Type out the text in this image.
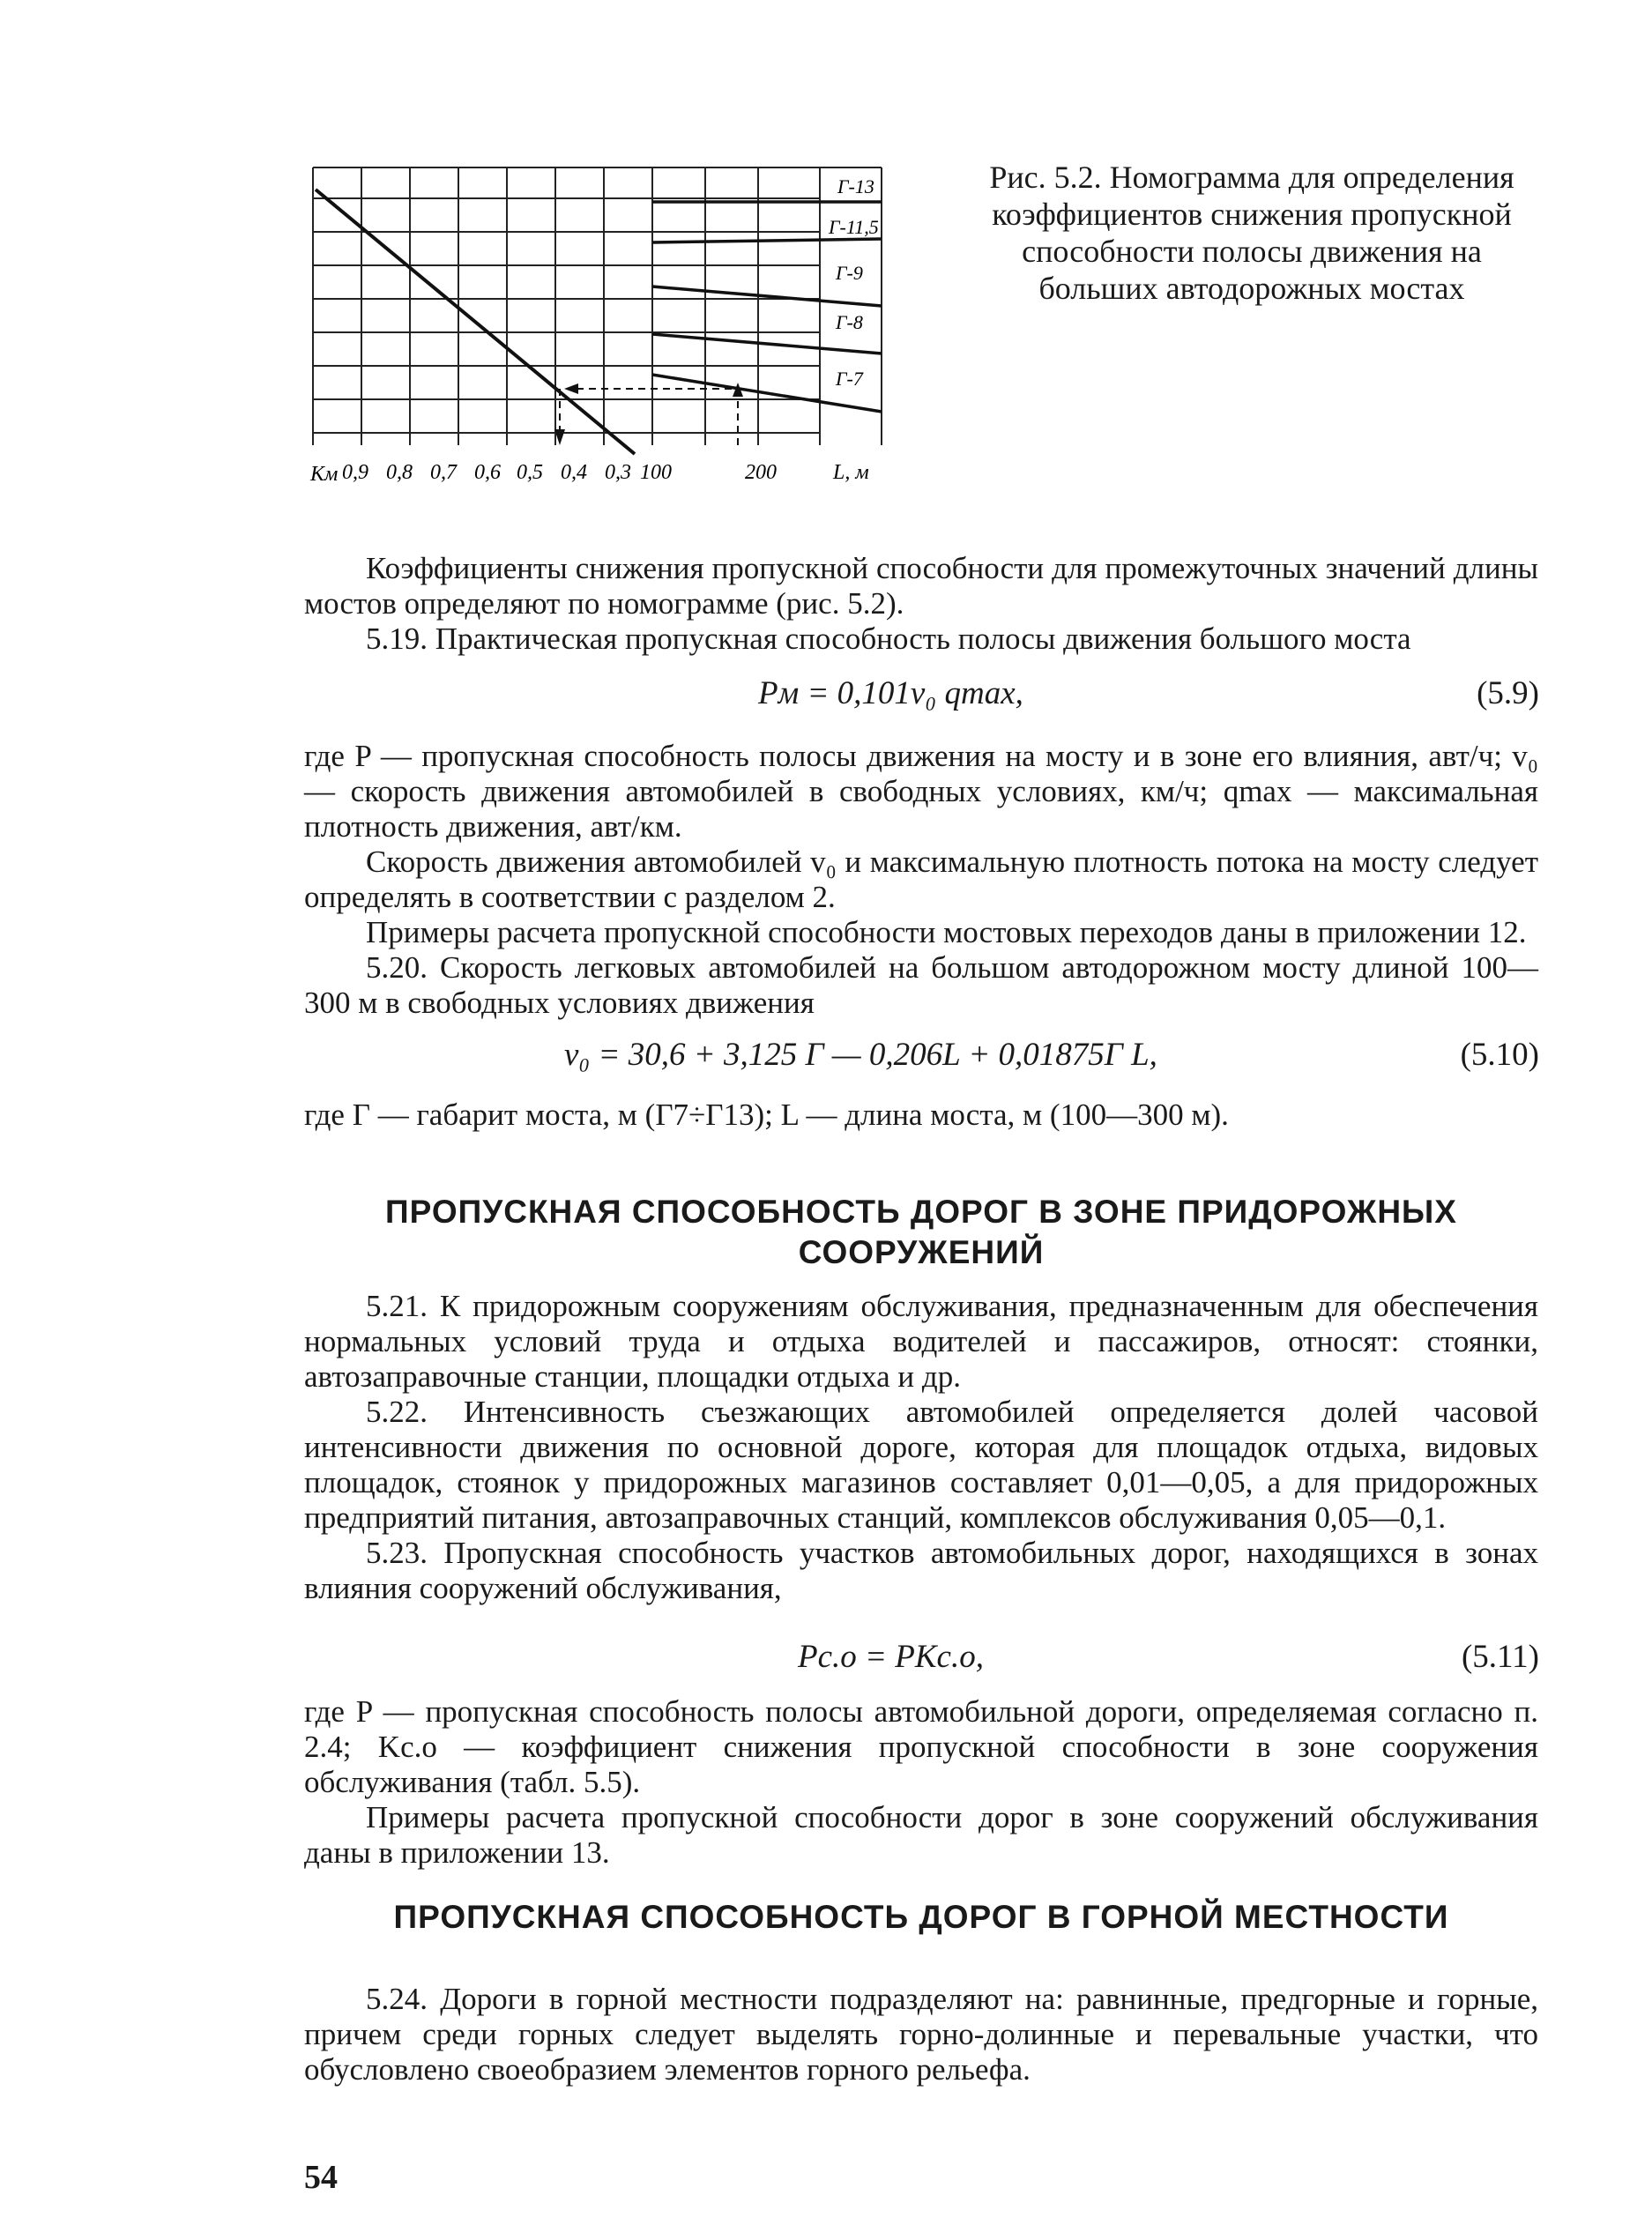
Г-13
Г-11,5
Г-9
Г-8
Г-7
Kм 0,9 0,8 0,7 0,6 0,5 0,4 0,3 100	200	L, м
Рис. 5.2. Номограмма для определения коэффициентов снижения пропускной способности полосы движения на больших автодорожных мостах

Коэффициенты снижения пропускной способности для промежуточных значений длины мостов определяют по номограмме (рис. 5.2).

5.19. Практическая пропускная способность полосы движения большого моста

Pм = 0,101v₀ qmax,	(5.9)

где P — пропускная способность полосы движения на мосту и в зоне его влияния, авт/ч; v₀ — скорость движения автомобилей в свободных условиях, км/ч; qmax — максимальная плотность движения, авт/км.

Скорость движения автомобилей v₀ и максимальную плотность потока на мосту следует определять в соответствии с разделом 2.

Примеры расчета пропускной способности мостовых переходов даны в приложении 12.

5.20. Скорость легковых автомобилей на большом автодорожном мосту длиной 100—300 м в свободных условиях движения

v₀ = 30,6 + 3,125 Г — 0,206L + 0,01875Г L,	(5.10)

где Г — габарит моста, м (Г7÷Г13); L — длина моста, м (100—300 м).

ПРОПУСКНАЯ СПОСОБНОСТЬ ДОРОГ В ЗОНЕ ПРИДОРОЖНЫХ СООРУЖЕНИЙ

5.21. К придорожным сооружениям обслуживания, предназначенным для обеспечения нормальных условий труда и отдыха водителей и пассажиров, относят: стоянки, автозаправочные станции, площадки отдыха и др.

5.22. Интенсивность съезжающих автомобилей определяется долей часовой интенсивности движения по основной дороге, которая для площадок отдыха, видовых площадок, стоянок у придорожных магазинов составляет 0,01—0,05, а для придорожных предприятий питания, автозаправочных станций, комплексов обслуживания 0,05—0,1.

5.23. Пропускная способность участков автомобильных дорог, находящихся в зонах влияния сооружений обслуживания,

Pс.о = PKс.о,	(5.11)

где P — пропускная способность полосы автомобильной дороги, определяемая согласно п. 2.4; Kс.о — коэффициент снижения пропускной способности в зоне сооружения обслуживания (табл. 5.5).

Примеры расчета пропускной способности дорог в зоне сооружений обслуживания даны в приложении 13.

ПРОПУСКНАЯ СПОСОБНОСТЬ ДОРОГ В ГОРНОЙ МЕСТНОСТИ

5.24. Дороги в горной местности подразделяют на: равнинные, предгорные и горные, причем среди горных следует выделять горно-долинные и перевальные участки, что обусловлено своеобразием элементов горного рельефа.

54
